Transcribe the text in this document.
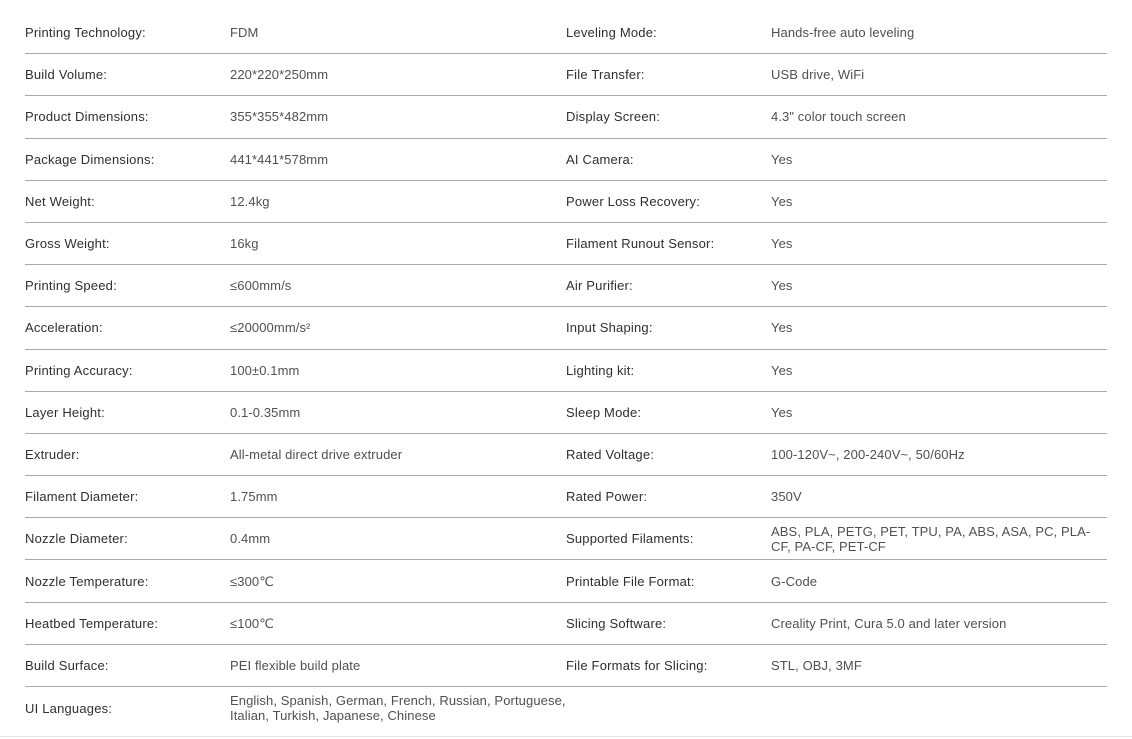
Printing Technology:	FDM
Build Volume:	220*220*250mm
Product Dimensions:	355*355*482mm
Package Dimensions:	441*441*578mm
Net Weight:	12.4kg
Gross Weight:	16kg
Printing Speed:	≤600mm/s
Acceleration:	≤20000mm/s²
Printing Accuracy:	100±0.1mm
Layer Height:	0.1-0.35mm
Extruder:	All-metal direct drive extruder
Filament Diameter:	1.75mm
Nozzle Diameter:	0.4mm
Nozzle Temperature:	≤300℃
Heatbed Temperature:	≤100℃
Build Surface:	PEI flexible build plate
UI Languages:	English, Spanish, German, French, Russian, Portuguese, Italian, Turkish, Japanese, Chinese
Leveling Mode:	Hands-free auto leveling
File Transfer:	USB drive, WiFi
Display Screen:	4.3" color touch screen
AI Camera:	Yes
Power Loss Recovery:	Yes
Filament Runout Sensor:	Yes
Air Purifier:	Yes
Input Shaping:	Yes
Lighting kit:	Yes
Sleep Mode:	Yes
Rated Voltage:	100-120V~, 200-240V~, 50/60Hz
Rated Power:	350V
Supported Filaments:	ABS, PLA, PETG, PET, TPU, PA, ABS, ASA, PC, PLA-CF, PA-CF, PET-CF
Printable File Format:	G-Code
Slicing Software:	Creality Print, Cura 5.0 and later version
File Formats for Slicing:	STL, OBJ, 3MF
